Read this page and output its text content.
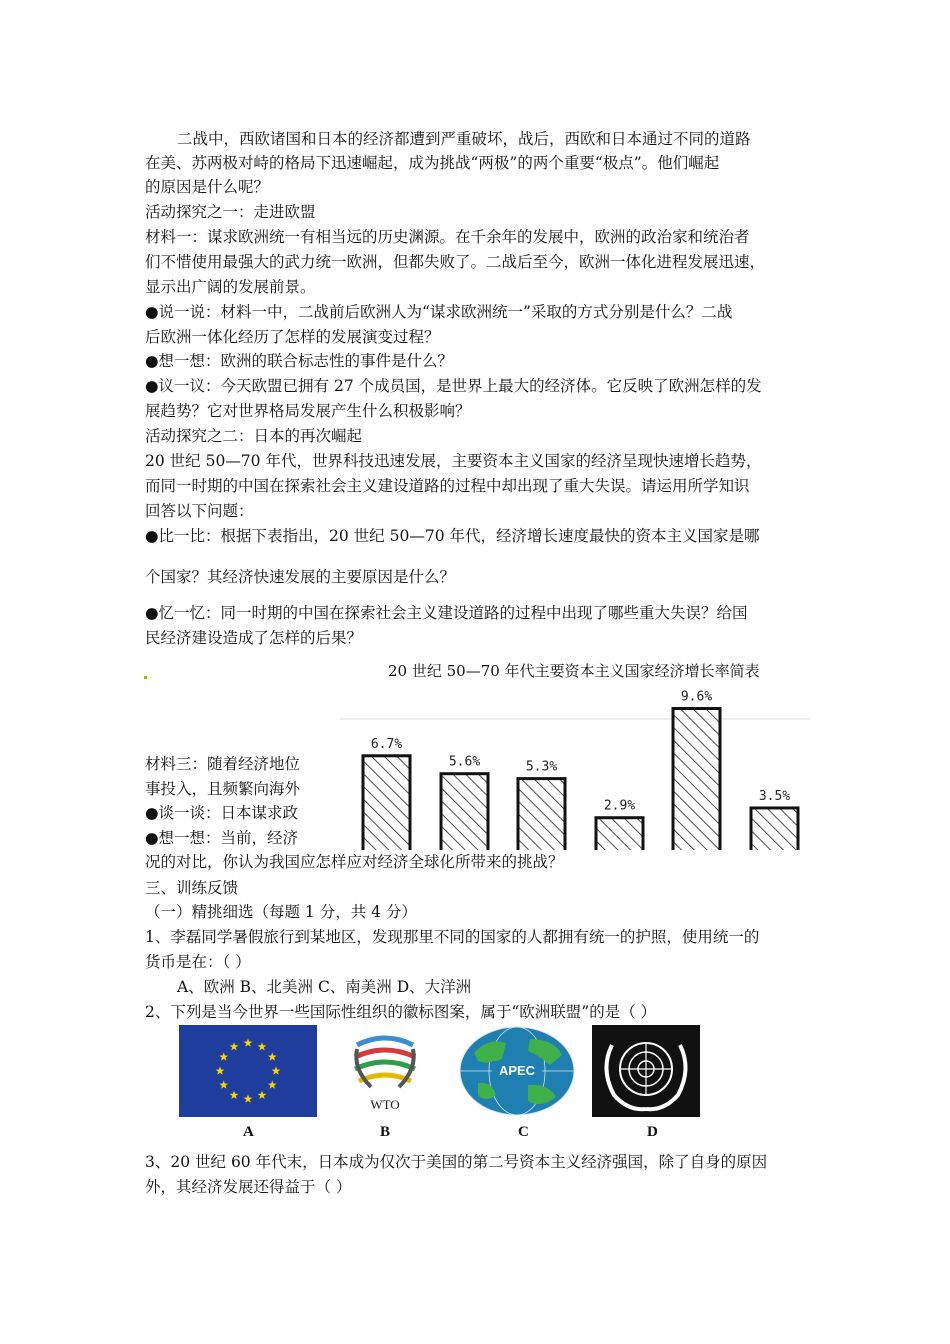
二战中，西欧诸国和日本的经济都遭到严重破坏，战后，西欧和日本通过不同的道路
在美、苏两极对峙的格局下迅速崛起，成为挑战“两极”的两个重要“极点”。他们崛起
的原因是什么呢？
活动探究之一：走进欧盟
材料一：谋求欧洲统一有相当远的历史渊源。在千余年的发展中，欧洲的政治家和统治者
们不惜使用最强大的武力统一欧洲，但都失败了。二战后至今，欧洲一体化进程发展迅速，
显示出广阔的发展前景。
●说一说：材料一中，二战前后欧洲人为“谋求欧洲统一”采取的方式分别是什么？二战
后欧洲一体化经历了怎样的发展演变过程？
●想一想：欧洲的联合标志性的事件是什么？
●议一议：今天欧盟已拥有 27 个成员国，是世界上最大的经济体。它反映了欧洲怎样的发
展趋势？它对世界格局发展产生什么积极影响？
活动探究之二：日本的再次崛起
20 世纪 50—70 年代，世界科技迅速发展，主要资本主义国家的经济呈现快速增长趋势，
而同一时期的中国在探索社会主义建设道路的过程中却出现了重大失误。请运用所学知识
回答以下问题：
●比一比：根据下表指出，20 世纪 50—70 年代，经济增长速度最快的资本主义国家是哪
个国家？其经济快速发展的主要原因是什么？
●忆一忆：同一时期的中国在探索社会主义建设道路的过程中出现了哪些重大失误？给国
民经济建设造成了怎样的后果？
20 世纪 50—70 年代主要资本主义国家经济增长率简表
材料三：随着经济地位
事投入，且频繁向海外
●谈一谈：日本谋求政
●想一想：当前，经济
6.7%
5.6%	5.3%
2.9%
9.6%
3.5%
况的对比，你认为我国应怎样应对经济全球化所带来的挑战？
三、训练反馈
（一）精挑细选（每题 1 分，共 4 分）
1、李磊同学暑假旅行到某地区，发现那里不同的国家的人都拥有统一的护照，使用统一的
货币是在：（ ）
A、欧洲 B、北美洲 C、南美洲 D、大洋洲
2、下列是当今世界一些国际性组织的徽标图案，属于“欧洲联盟”的是（ ）
WTO
APEC
A	B	C	D
3、20 世纪 60 年代末，日本成为仅次于美国的第二号资本主义经济强国，除了自身的原因
外，其经济发展还得益于（ ）
